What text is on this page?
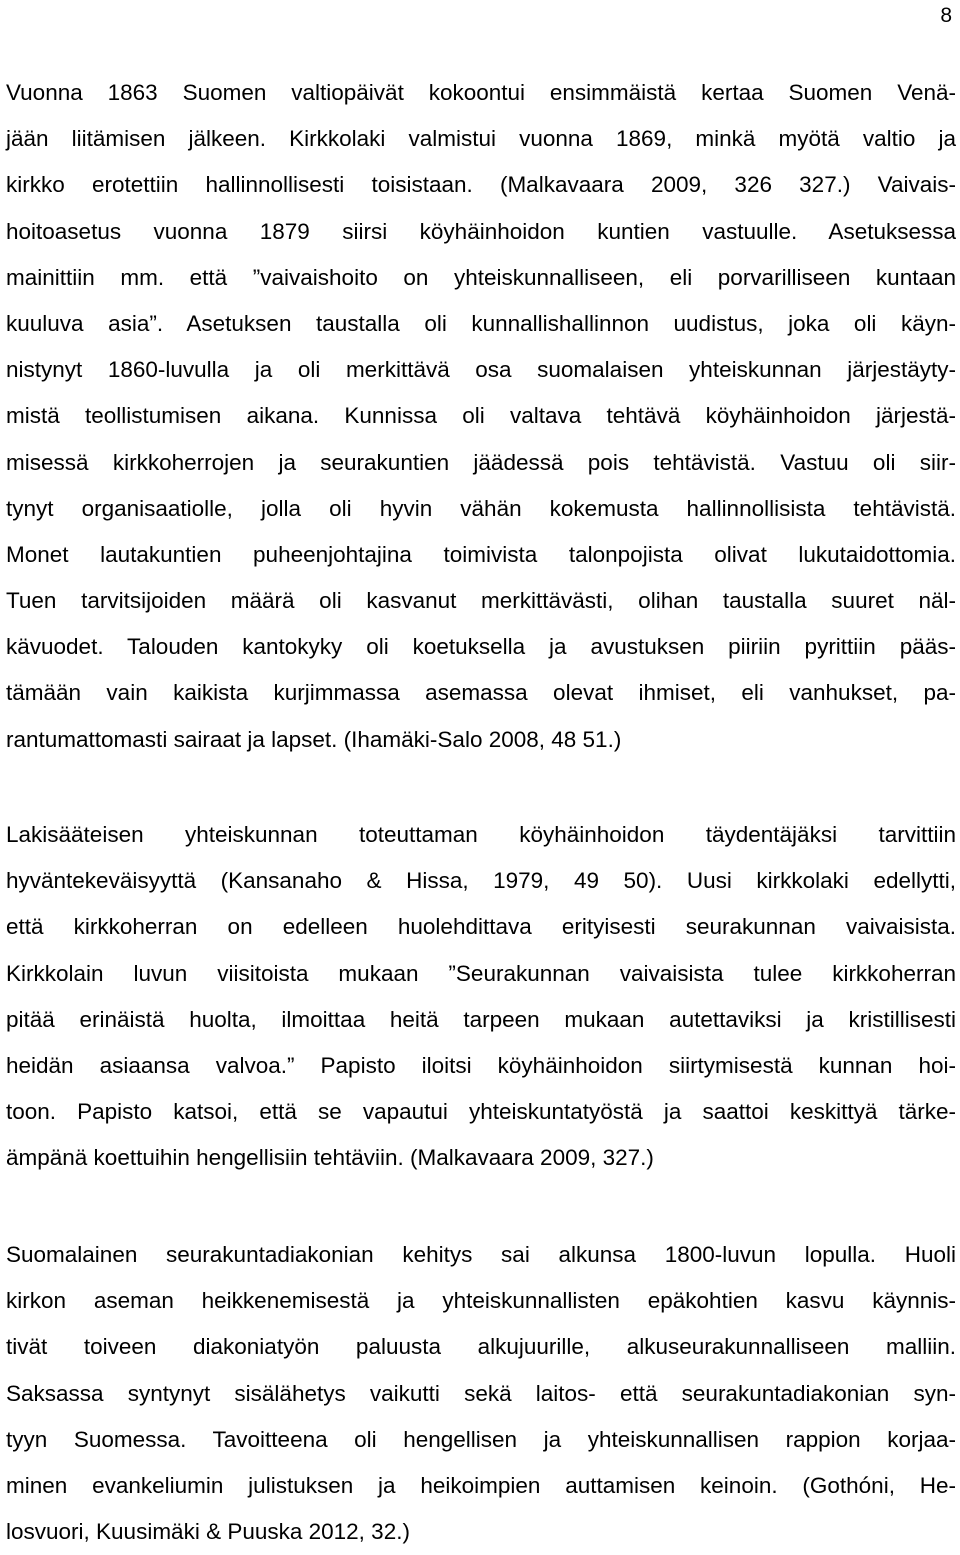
8
Vuonna 1863 Suomen valtiopäivät kokoontui ensimmäistä kertaa Suomen Venä-
jään liitämisen jälkeen. Kirkkolaki valmistui vuonna 1869, minkä myötä valtio ja
kirkko erotettiin hallinnollisesti toisistaan. (Malkavaara 2009, 326 327.) Vaivais-
hoitoasetus vuonna 1879 siirsi köyhäinhoidon kuntien vastuulle. Asetuksessa
mainittiin mm. että ”vaivaishoito on yhteiskunnalliseen, eli porvarilliseen kuntaan
kuuluva asia”. Asetuksen taustalla oli kunnallishallinnon uudistus, joka oli käyn-
nistynyt 1860-luvulla ja oli merkittävä osa suomalaisen yhteiskunnan järjestäyty-
mistä teollistumisen aikana. Kunnissa oli valtava tehtävä köyhäinhoidon järjestä-
misessä kirkkoherrojen ja seurakuntien jäädessä pois tehtävistä. Vastuu oli siir-
tynyt organisaatiolle, jolla oli hyvin vähän kokemusta hallinnollisista tehtävistä.
Monet lautakuntien puheenjohtajina toimivista talonpojista olivat lukutaidottomia.
Tuen tarvitsijoiden määrä oli kasvanut merkittävästi, olihan taustalla suuret näl-
kävuodet. Talouden kantokyky oli koetuksella ja avustuksen piiriin pyrittiin pääs-
tämään vain kaikista kurjimmassa asemassa olevat ihmiset, eli vanhukset, pa-
rantumattomasti sairaat ja lapset. (Ihamäki-Salo 2008, 48 51.)
Lakisääteisen yhteiskunnan toteuttaman köyhäinhoidon täydentäjäksi tarvittiin
hyväntekeväisyyttä (Kansanaho & Hissa, 1979, 49 50). Uusi kirkkolaki edellytti,
että kirkkoherran on edelleen huolehdittava erityisesti seurakunnan vaivaisista.
Kirkkolain luvun viisitoista mukaan ”Seurakunnan vaivaisista tulee kirkkoherran
pitää erinäistä huolta, ilmoittaa heitä tarpeen mukaan autettaviksi ja kristillisesti
heidän asiaansa valvoa.” Papisto iloitsi köyhäinhoidon siirtymisestä kunnan hoi-
toon. Papisto katsoi, että se vapautui yhteiskuntatyöstä ja saattoi keskittyä tärke-
ämpänä koettuihin hengellisiin tehtäviin. (Malkavaara 2009, 327.)
Suomalainen seurakuntadiakonian kehitys sai alkunsa 1800-luvun lopulla. Huoli
kirkon aseman heikkenemisestä ja yhteiskunnallisten epäkohtien kasvu käynnis-
tivät toiveen diakoniatyön paluusta alkujuurille, alkuseurakunnalliseen malliin.
Saksassa syntynyt sisälähetys vaikutti sekä laitos- että seurakuntadiakonian syn-
tyyn Suomessa. Tavoitteena oli hengellisen ja yhteiskunnallisen rappion korjaa-
minen evankeliumin julistuksen ja heikoimpien auttamisen keinoin. (Gothóni, He-
losvuori, Kuusimäki & Puuska 2012, 32.)
